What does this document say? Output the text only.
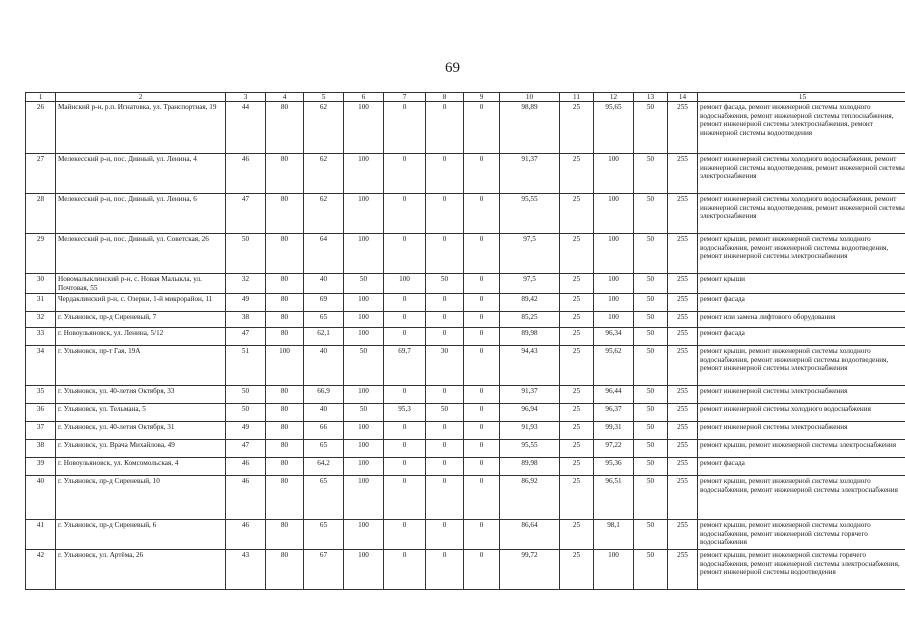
69
1	2	3	4	5	6	7	8	9	10	11	12	13	14	15
26	Майнский р-н, р.п. Игнатовка, ул. Транспортная, 19	44	80	62	100	0	0	0	98,89	25	95,65	50	255	ремонт фасада, ремонт инженерной системы холодного водоснабжения, ремонт инженерной системы теплоснабжения, ремонт инженерной системы электроснабжения, ремонт инженерной системы водоотведения
27	Мелекесский р-н, пос. Дивный, ул. Ленина, 4	46	80	62	100	0	0	0	91,37	25	100	50	255	ремонт инженерной системы холодного водоснабжения, ремонт инженерной системы водоотведения, ремонт инженерной системы электроснабжения
28	Мелекесский р-н, пос. Дивный, ул. Ленина, 6	47	80	62	100	0	0	0	95,55	25	100	50	255	ремонт инженерной системы холодного водоснабжения, ремонт инженерной системы водоотведения, ремонт инженерной системы электроснабжения
29	Мелекесский р-н, пос. Дивный, ул. Советская, 26	50	80	64	100	0	0	0	97,5	25	100	50	255	ремонт крыши, ремонт инженерной системы холодного водоснабжения, ремонт инженерной системы водоотведения, ремонт инженерной системы электроснабжения
30	Новомалыклинский р-н, с. Новая Малыкла, ул. Почтовая, 55	32	80	40	50	100	50	0	97,5	25	100	50	255	ремонт крыши
31	Чердаклинский р-н, с. Озерки, 1-й микрорайон, 11	49	80	69	100	0	0	0	89,42	25	100	50	255	ремонт фасада
32	г. Ульяновск, пр-д Сиреневый, 7	38	80	65	100	0	0	0	85,25	25	100	50	255	ремонт или замена лифтового оборудования
33	г. Новоульяновск, ул. Ленина, 5/12	47	80	62,1	100	0	0	0	89,98	25	96,34	50	255	ремонт фасада
34	г. Ульяновск, пр-т Гая, 19А	51	100	40	50	69,7	30	0	94,43	25	95,62	50	255	ремонт крыши, ремонт инженерной системы холодного водоснабжения, ремонт инженерной системы водоотведения, ремонт инженерной системы электроснабжения
35	г. Ульяновск, ул. 40-летия Октября, 33	50	80	66,9	100	0	0	0	91,37	25	96,44	50	255	ремонт инженерной системы электроснабжения
36	г. Ульяновск, ул. Тельмана, 5	50	80	40	50	95,3	50	0	96,94	25	96,37	50	255	ремонт инженерной системы холодного водоснабжения
37	г. Ульяновск, ул. 40-летия Октября, 31	49	80	66	100	0	0	0	91,93	25	99,31	50	255	ремонт инженерной системы электроснабжения
38	г. Ульяновск, ул. Врача Михайлова, 49	47	80	65	100	0	0	0	95,55	25	97,22	50	255	ремонт крыши, ремонт инженерной системы электроснабжения
39	г. Новоульяновск, ул. Комсомольская, 4	46	80	64,2	100	0	0	0	89,98	25	95,36	50	255	ремонт фасада
40	г. Ульяновск, пр-д Сиреневый, 10	46	80	65	100	0	0	0	86,92	25	96,51	50	255	ремонт крыши, ремонт инженерной системы холодного водоснабжения, ремонт инженерной системы электроснабжения
41	г. Ульяновск, пр-д Сиреневый, 6	46	80	65	100	0	0	0	86,64	25	98,1	50	255	ремонт крыши, ремонт инженерной системы холодного водоснабжения, ремонт инженерной системы горячего водоснабжения
42	г. Ульяновск, ул. Артёма, 26	43	80	67	100	0	0	0	99,72	25	100	50	255	ремонт крыши, ремонт инженерной системы горячего водоснабжения, ремонт инженерной системы электроснабжения, ремонт инженерной системы водоотведения
